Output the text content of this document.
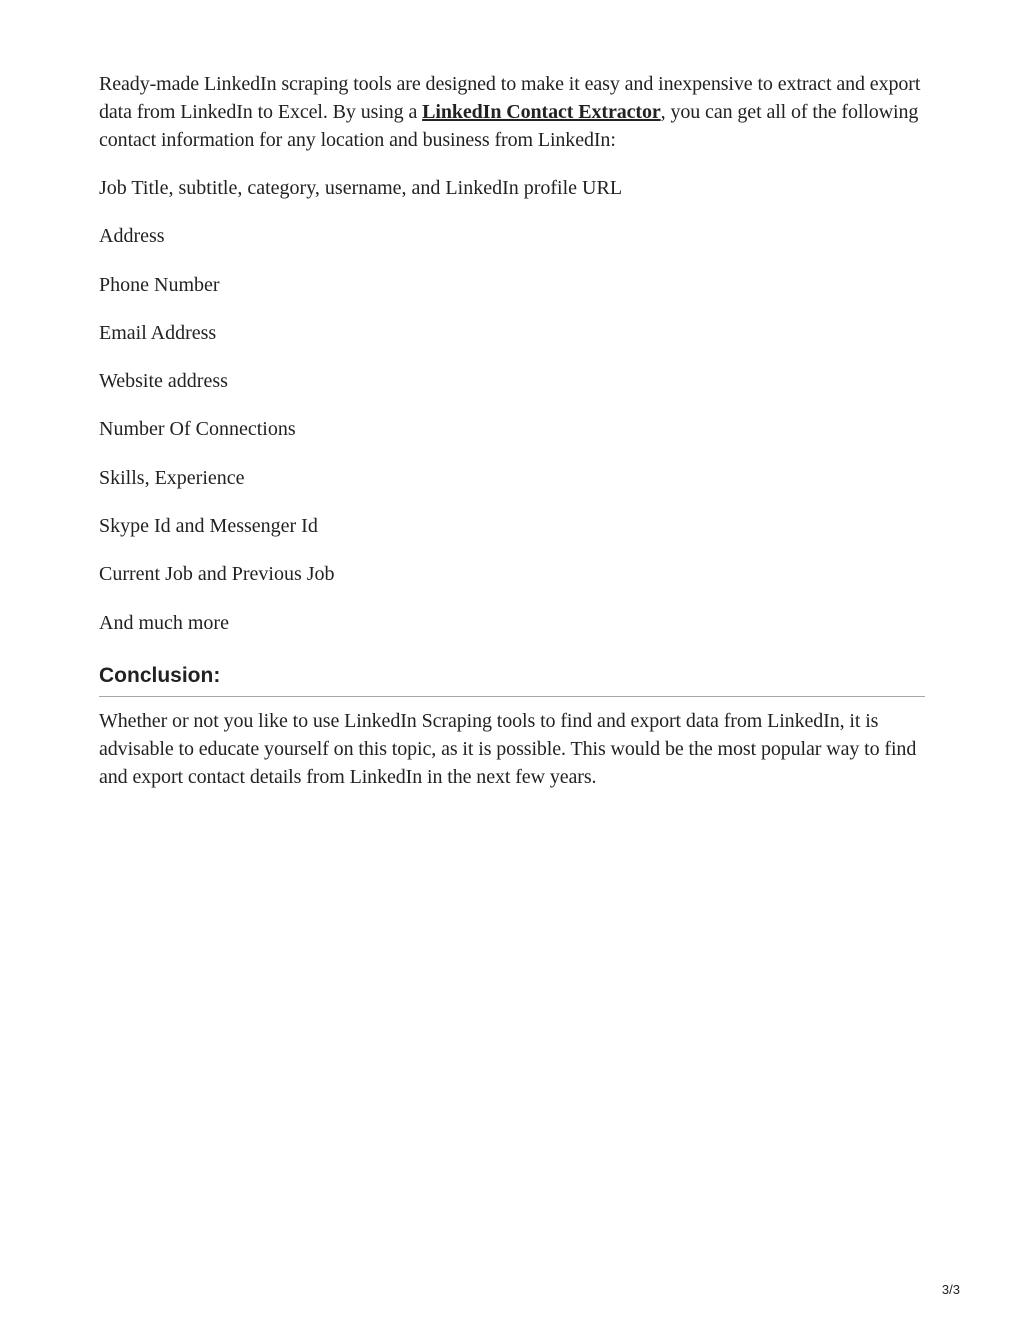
Ready-made LinkedIn scraping tools are designed to make it easy and inexpensive to extract and export data from LinkedIn to Excel. By using a LinkedIn Contact Extractor, you can get all of the following contact information for any location and business from LinkedIn:

Job Title, subtitle, category, username, and LinkedIn profile URL

Address

Phone Number

Email Address

Website address

Number Of Connections

Skills, Experience

Skype Id and Messenger Id

Current Job and Previous Job

And much more

Conclusion:

Whether or not you like to use LinkedIn Scraping tools to find and export data from LinkedIn, it is advisable to educate yourself on this topic, as it is possible. This would be the most popular way to find and export contact details from LinkedIn in the next few years.

3/3
